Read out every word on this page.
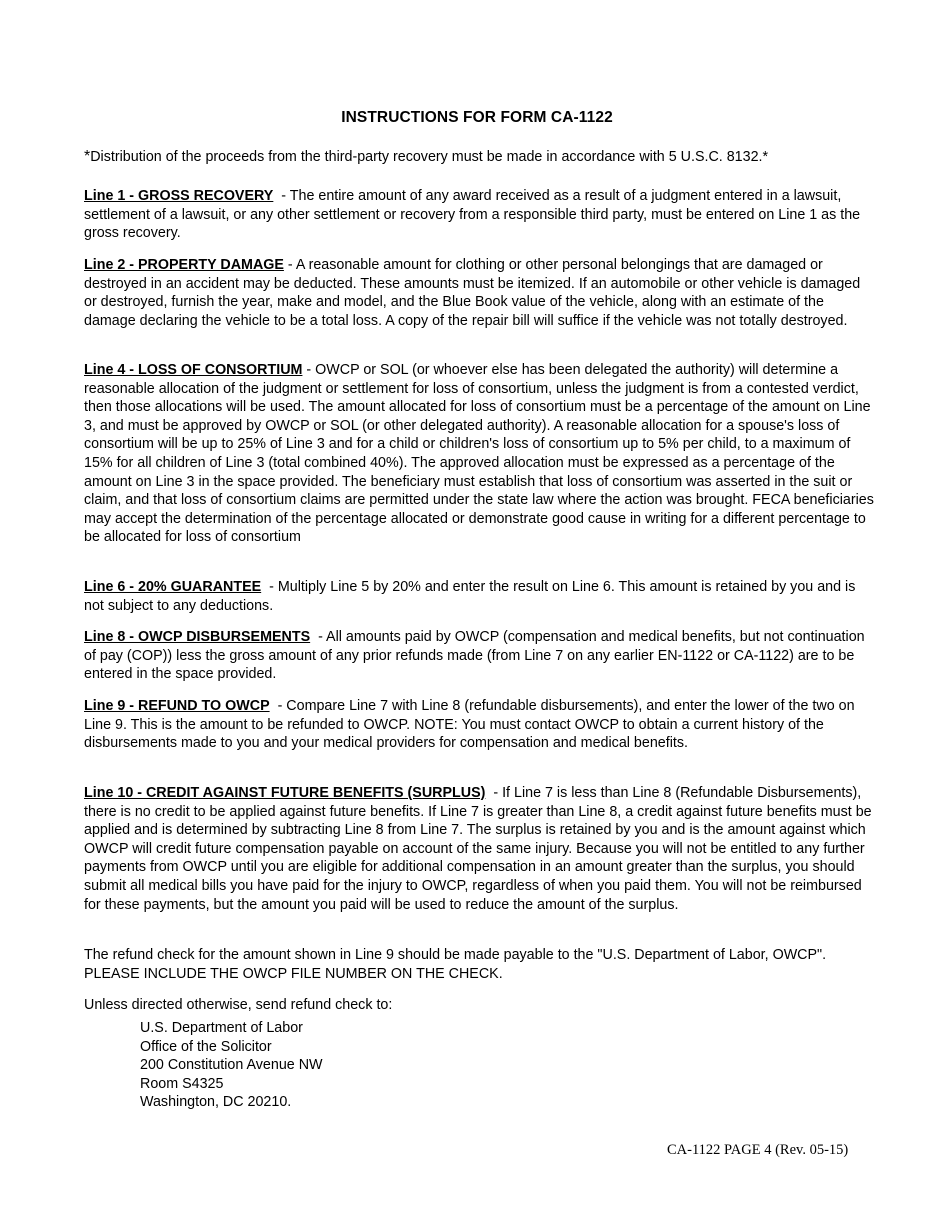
INSTRUCTIONS FOR FORM CA-1122
*Distribution of the proceeds from the third-party recovery must be made in accordance with 5 U.S.C. 8132.*

Line 1 - GROSS RECOVERY - The entire amount of any award received as a result of a judgment entered in a lawsuit, settlement of a lawsuit, or any other settlement or recovery from a responsible third party, must be entered on Line 1 as the gross recovery.

Line 2 - PROPERTY DAMAGE - A reasonable amount for clothing or other personal belongings that are damaged or destroyed in an accident may be deducted. These amounts must be itemized. If an automobile or other vehicle is damaged or destroyed, furnish the year, make and model, and the Blue Book value of the vehicle, along with an estimate of the damage declaring the vehicle to be a total loss. A copy of the repair bill will suffice if the vehicle was not totally destroyed.

Line 4 - LOSS OF CONSORTIUM - OWCP or SOL (or whoever else has been delegated the authority) will determine a reasonable allocation of the judgment or settlement for loss of consortium, unless the judgment is from a contested verdict, then those allocations will be used. The amount allocated for loss of consortium must be a percentage of the amount on Line 3, and must be approved by OWCP or SOL (or other delegated authority). A reasonable allocation for a spouse's loss of consortium will be up to 25% of Line 3 and for a child or children's loss of consortium up to 5% per child, to a maximum of 15% for all children of Line 3 (total combined 40%). The approved allocation must be expressed as a percentage of the amount on Line 3 in the space provided. The beneficiary must establish that loss of consortium was asserted in the suit or claim, and that loss of consortium claims are permitted under the state law where the action was brought. FECA beneficiaries may accept the determination of the percentage allocated or demonstrate good cause in writing for a different percentage to be allocated for loss of consortium

Line 6 - 20% GUARANTEE - Multiply Line 5 by 20% and enter the result on Line 6. This amount is retained by you and is not subject to any deductions.

Line 8 - OWCP DISBURSEMENTS - All amounts paid by OWCP (compensation and medical benefits, but not continuation of pay (COP)) less the gross amount of any prior refunds made (from Line 7 on any earlier EN-1122 or CA-1122) are to be entered in the space provided.

Line 9 - REFUND TO OWCP - Compare Line 7 with Line 8 (refundable disbursements), and enter the lower of the two on Line 9. This is the amount to be refunded to OWCP. NOTE: You must contact OWCP to obtain a current history of the disbursements made to you and your medical providers for compensation and medical benefits.

Line 10 - CREDIT AGAINST FUTURE BENEFITS (SURPLUS) - If Line 7 is less than Line 8 (Refundable Disbursements), there is no credit to be applied against future benefits. If Line 7 is greater than Line 8, a credit against future benefits must be applied and is determined by subtracting Line 8 from Line 7. The surplus is retained by you and is the amount against which OWCP will credit future compensation payable on account of the same injury. Because you will not be entitled to any further payments from OWCP until you are eligible for additional compensation in an amount greater than the surplus, you should submit all medical bills you have paid for the injury to OWCP, regardless of when you paid them. You will not be reimbursed for these payments, but the amount you paid will be used to reduce the amount of the surplus.

The refund check for the amount shown in Line 9 should be made payable to the "U.S. Department of Labor, OWCP". PLEASE INCLUDE THE OWCP FILE NUMBER ON THE CHECK.

Unless directed otherwise, send refund check to:

U.S. Department of Labor
Office of the Solicitor
200 Constitution Avenue NW
Room S4325
Washington, DC 20210.
CA-1122 PAGE 4 (Rev. 05-15)
